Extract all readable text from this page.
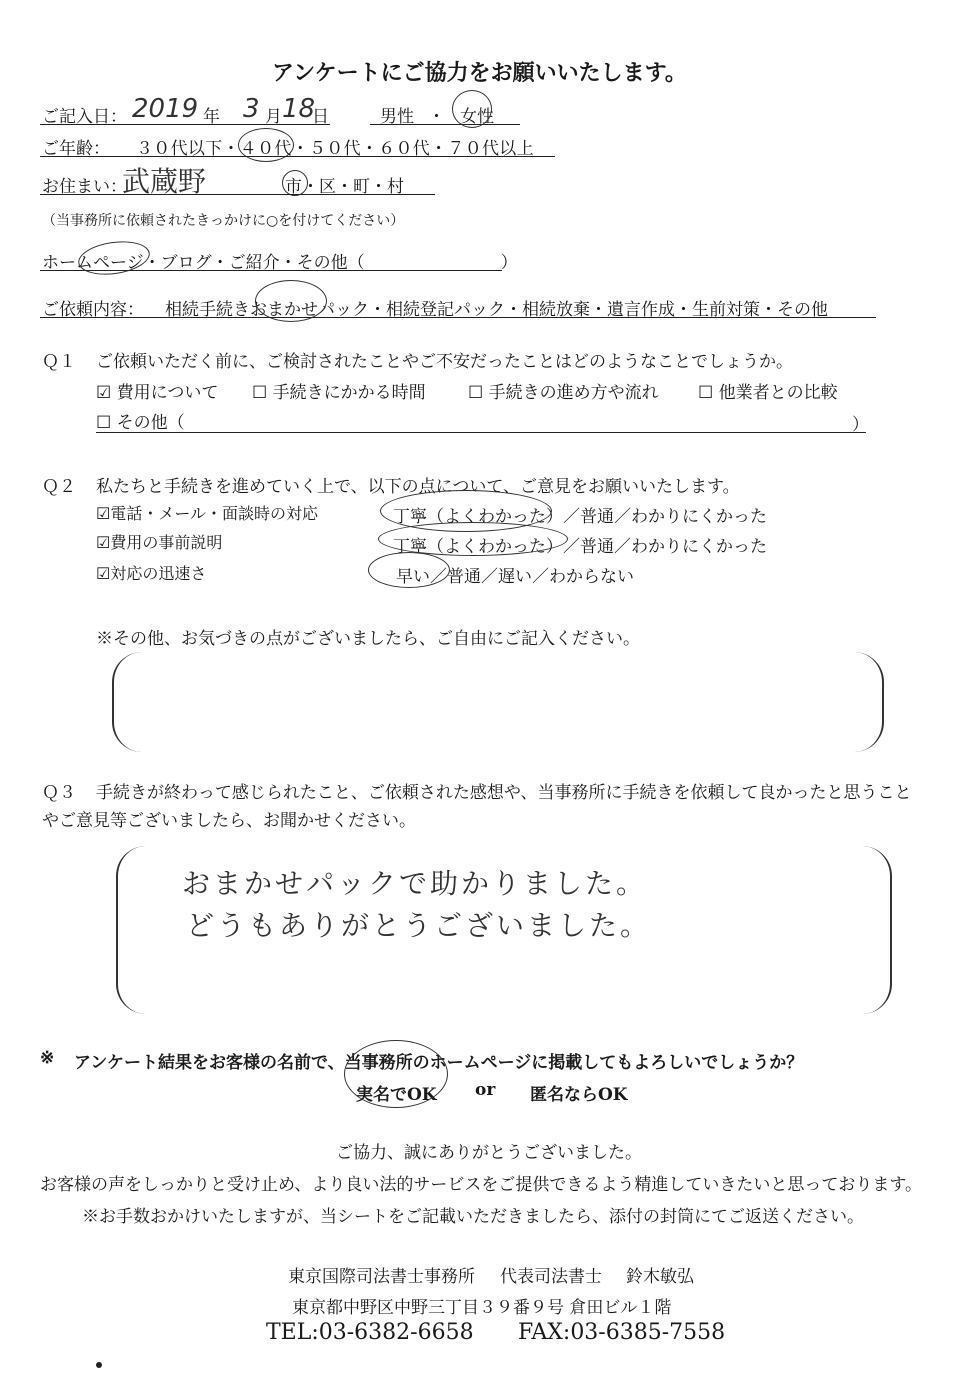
アンケートにご協力をお願いいたします。
ご記入日： 2019 年 3 月 18
日	男性 ・ 女性
ご年齢： ３０代以下・４０代・５０代・６０代・７０代以上
お住まい：
武蔵野	市・区・町・村
（当事務所に依頼されたきっかけに○を付けてください）
ホームページ・ブログ・ご紹介・その他（　　　　　　　　）
ご依頼内容： 相続手続きおまかせパック・相続登記パック・相続放棄・遺言作成・生前対策・その他
Ｑ１ ご依頼いただく前に、ご検討されたことやご不安だったことはどのようなことでしょうか。
☑ 費用について ☐ 手続きにかかる時間 ☐ 手続きの進め方や流れ ☐ 他業者との比較
☐ その他（	）
Ｑ２ 私たちと手続きを進めていく上で、以下の点について、ご意見をお願いいたします。
☑電話・メール・面談時の対応	丁寧（よくわかった）／普通／わかりにくかった
☑費用の事前説明	丁寧（よくわかった）／普通／わかりにくかった
☑対応の迅速さ	早い／普通／遅い／わからない
※その他、お気づきの点がございましたら、ご自由にご記入ください。
Ｑ３ 手続きが終わって感じられたこと、ご依頼された感想や、当事務所に手続きを依頼して良かったと思うこと
やご意見等ございましたら、お聞かせください。
おまかせパックで助かりました。
どうもありがとうございました。
※ アンケート結果をお客様の名前で、当事務所のホームページに掲載してもよろしいでしょうか？
実名でOK or 匿名ならOK
ご協力、誠にありがとうございました。
お客様の声をしっかりと受け止め、より良い法的サービスをご提供できるよう精進していきたいと思っております。
※お手数おかけいたしますが、当シートをご記載いただきましたら、添付の封筒にてご返送ください。
東京国際司法書士事務所 代表司法書士 鈴木敏弘
東京都中野区中野三丁目３９番９号 倉田ビル１階
TEL:03-6382-6658 FAX:03-6385-7558
